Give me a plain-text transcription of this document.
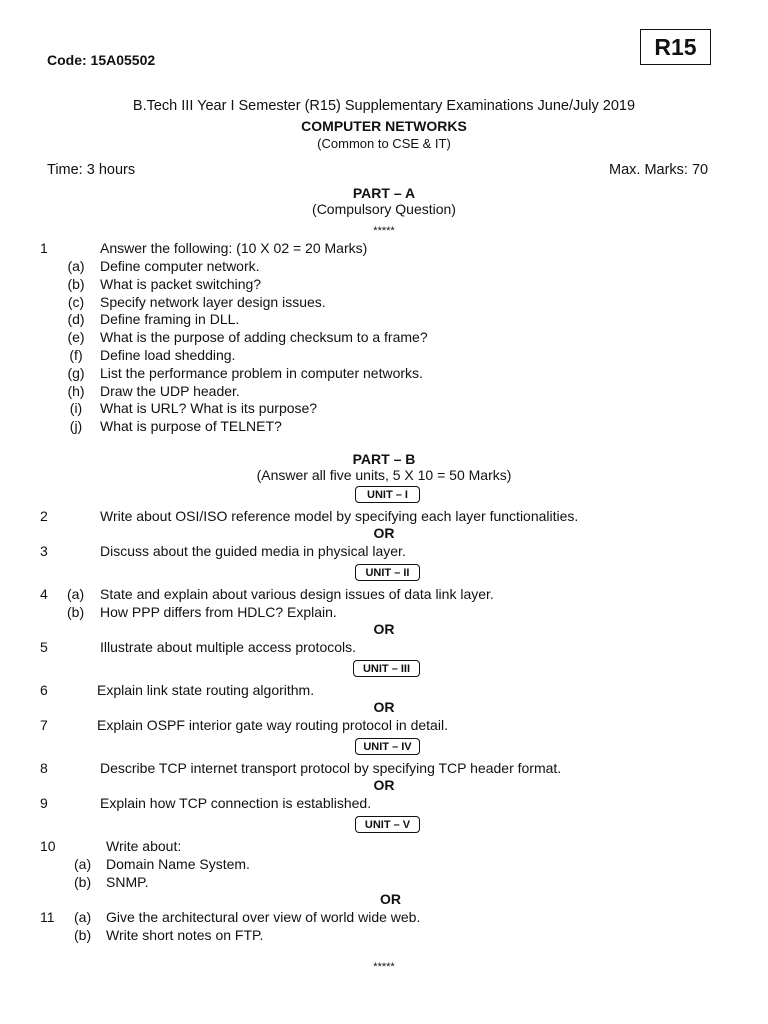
Code: 15A05502
R15
B.Tech III Year I Semester (R15) Supplementary Examinations June/July 2019
COMPUTER NETWORKS
(Common to CSE & IT)
Time: 3 hours	Max. Marks: 70
PART – A
(Compulsory Question)
*****
1	Answer the following: (10 X 02 = 20 Marks)
(a) Define computer network.
(b) What is packet switching?
(c) Specify network layer design issues.
(d) Define framing in DLL.
(e) What is the purpose of adding checksum to a frame?
(f) Define load shedding.
(g) List the performance problem in computer networks.
(h) Draw the UDP header.
(i) What is URL? What is its purpose?
(j) What is purpose of TELNET?
PART – B
(Answer all five units, 5 X 10 = 50 Marks)
UNIT – I
2	Write about OSI/ISO reference model by specifying each layer functionalities.
OR
3	Discuss about the guided media in physical layer.
UNIT – II
4 (a) State and explain about various design issues of data link layer.
(b) How PPP differs from HDLC? Explain.
OR
5	Illustrate about multiple access protocols.
UNIT – III
6	Explain link state routing algorithm.
OR
7	Explain OSPF interior gate way routing protocol in detail.
UNIT – IV
8	Describe TCP internet transport protocol by specifying TCP header format.
OR
9	Explain how TCP connection is established.
UNIT – V
10	Write about:
(a) Domain Name System.
(b) SNMP.
OR
11 (a) Give the architectural over view of world wide web.
(b) Write short notes on FTP.
*****
